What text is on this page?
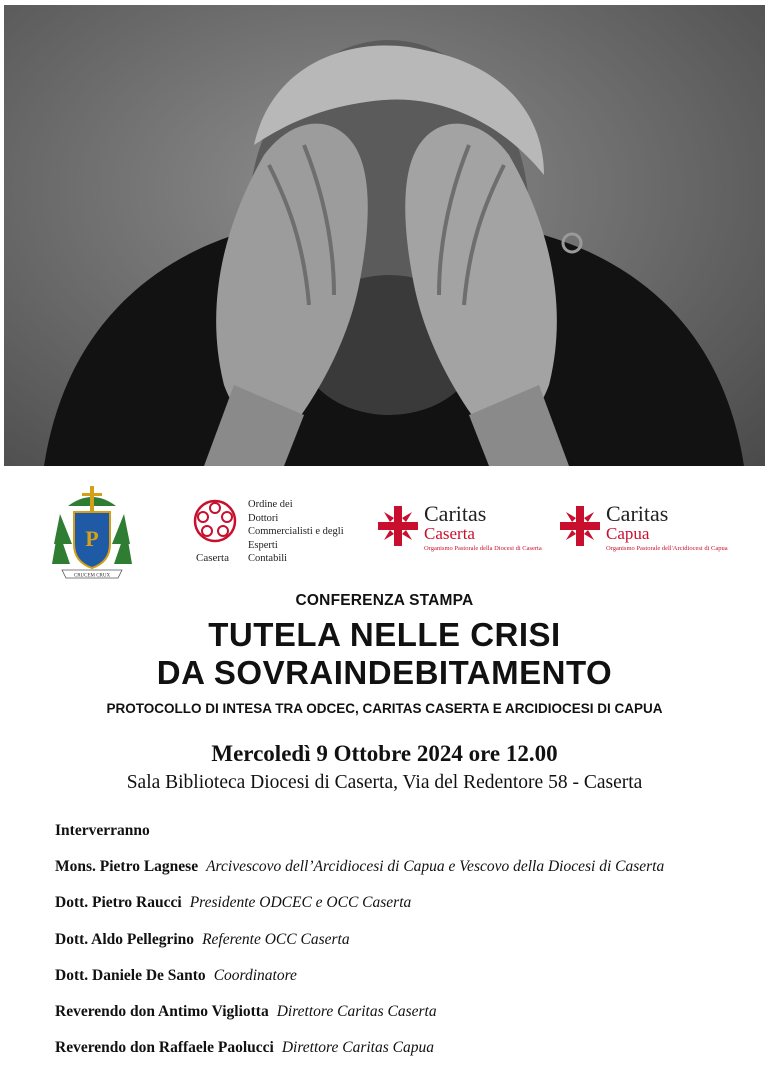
P
CRUCEM CRUX
Caserta
Ordine dei
Dottori
Commercialisti e degli
Esperti
Contabili
Caritas
Caserta
Organismo Pastorale della Diocesi di Caserta
Caritas
Capua
Organismo Pastorale dell'Arcidiocesi di Capua
CONFERENZA STAMPA
TUTELA NELLE CRISI
DA SOVRAINDEBITAMENTO
PROTOCOLLO DI INTESA TRA ODCEC, CARITAS CASERTA E ARCIDIOCESI DI CAPUA
Mercoledì 9 Ottobre 2024 ore 12.00
Sala Biblioteca Diocesi di Caserta, Via del Redentore 58 - Caserta
Interverranno
Mons. Pietro Lagnese Arcivescovo dell’Arcidiocesi di Capua e Vescovo della Diocesi di Caserta
Dott. Pietro Raucci Presidente ODCEC e OCC Caserta
Dott. Aldo Pellegrino Referente OCC Caserta
Dott. Daniele De Santo Coordinatore
Reverendo don Antimo Vigliotta Direttore Caritas Caserta
Reverendo don Raffaele Paolucci Direttore Caritas Capua
